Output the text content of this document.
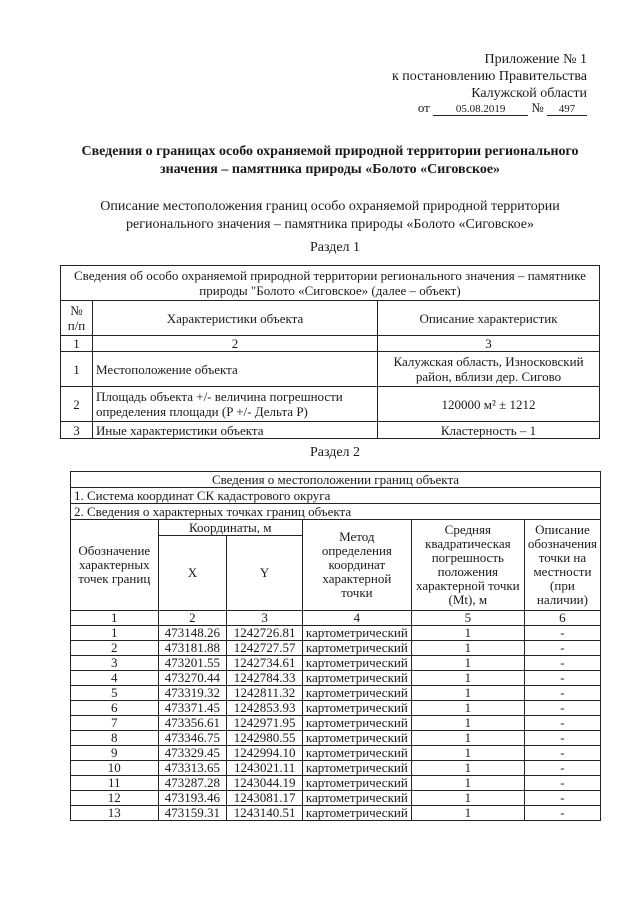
Приложение № 1
к постановлению Правительства
Калужской области
от 05.08.2019 № 497
Сведения о границах особо охраняемой природной территории регионального значения – памятника природы «Болото «Сиговское»
Описание местоположения границ особо охраняемой природной территории регионального значения – памятника природы «Болото «Сиговское»
Раздел 1
Сведения об особо охраняемой природной территории регионального значения – памятнике природы "Болото «Сиговское» (далее – объект)		
№ п/п	Характеристики объекта	Описание характеристик
1	2	3
1	Местоположение объекта	Калужская область, Износковский район, вблизи дер. Сигово
2	Площадь объекта +/- величина погрешности определения площади (P +/- Дельта P)	120000 м² ± 1212
3	Иные характеристики объекта	Кластерность – 1
Раздел 2
Сведения о местоположении границ объекта					
1. Система координат СК кадастрового округа					
2. Сведения о характерных точках границ объекта					
Обозначение характерных точек границ	Координаты, м		Метод определения координат характерной точки	Средняя квадратическая погрешность положения характерной точки (Mt), м	Описание обозначения точки на местности (при наличии)
	X	Y			
1	2	3	4	5	6
1	473148.26	1242726.81	картометрический	1	-
2	473181.88	1242727.57	картометрический	1	-
3	473201.55	1242734.61	картометрический	1	-
4	473270.44	1242784.33	картометрический	1	-
5	473319.32	1242811.32	картометрический	1	-
6	473371.45	1242853.93	картометрический	1	-
7	473356.61	1242971.95	картометрический	1	-
8	473346.75	1242980.55	картометрический	1	-
9	473329.45	1242994.10	картометрический	1	-
10	473313.65	1243021.11	картометрический	1	-
11	473287.28	1243044.19	картометрический	1	-
12	473193.46	1243081.17	картометрический	1	-
13	473159.31	1243140.51	картометрический	1	-
